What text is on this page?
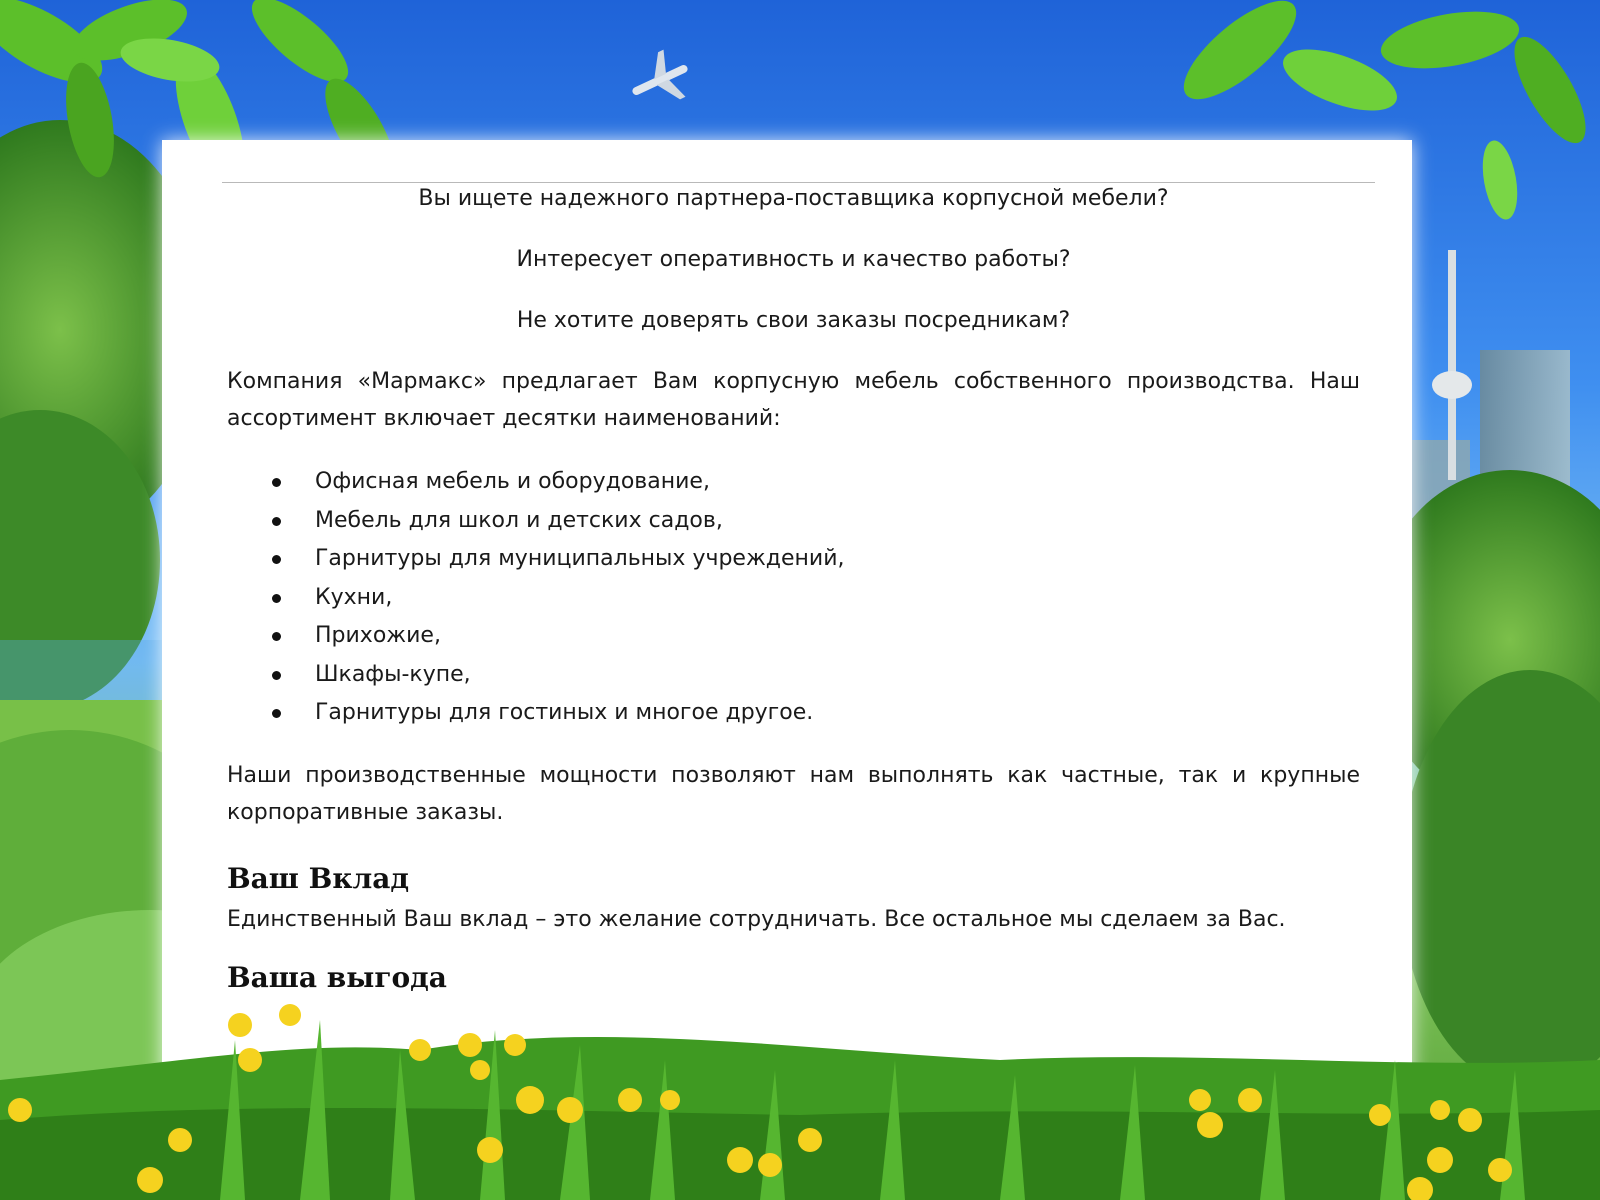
Вы ищете надежного партнера-поставщика корпусной мебели?

Интересует оперативность и качество работы?

Не хотите доверять свои заказы посредникам?

Компания «Мармакс» предлагает Вам корпусную мебель собственного производства. Наш ассортимент включает десятки наименований:

Офисная мебель и оборудование,
Мебель для школ и детских садов,
Гарнитуры для муниципальных учреждений,
Кухни,
Прихожие,
Шкафы-купе,
Гарнитуры для гостиных и многое другое.

Наши производственные мощности позволяют нам выполнять как частные, так и крупные корпоративные заказы.

Ваш Вклад

Единственный Ваш вклад – это желание сотрудничать. Все остальное мы сделаем за Вас.

Ваша выгода
